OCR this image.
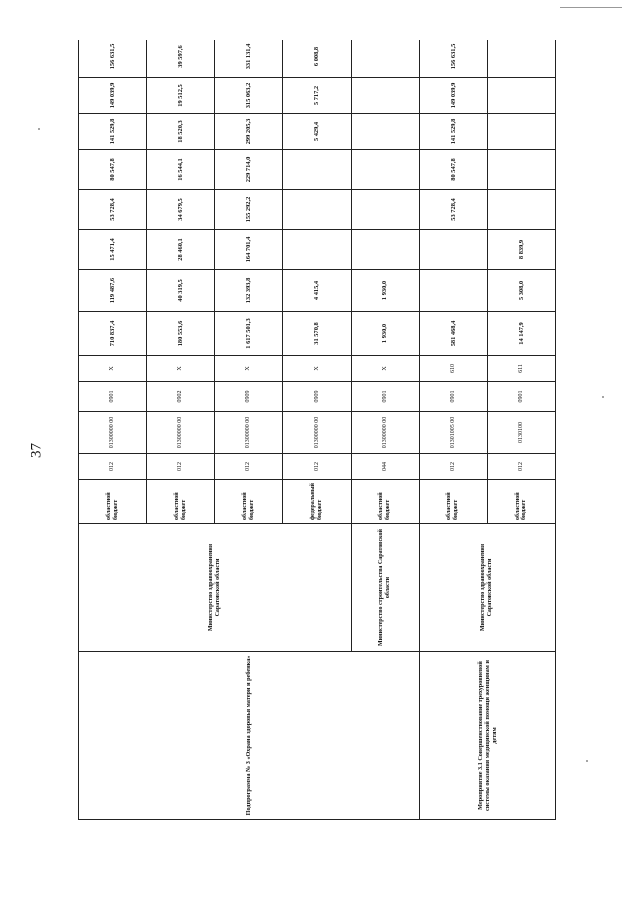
37
Подпрограмма № 3 «Охрана здоровья матери и ребенка»	Министерство здравоохранения Саратовской области	областной бюджет	012	01300000 00	0901	X	710 837,4	119 487,6	15 471,4	53 728,4	80 547,8	141 529,8	149 039,9	156 631,5
		областной бюджет	012	01300000 00	0902	X	180 553,6	40 319,5	28 460,1	34 679,5	16 544,1	18 520,3	19 512,5	39 597,6
		областной бюджет	012	01300000 00	0909	X	1 617 501,3	132 393,8	164 701,4	155 292,2	229 714,0	299 205,3	315 063,2	331 131,4
		федеральный бюджет	012	01300000 00	0909	X	31 570,8	4 415,4				5 429,4	5 717,2	6 008,8
	Министерство строительства Саратовской области	областной бюджет	044	01300000 00	0901	X	1 930,0	1 930,0						
Мероприятие 3.1 Совершенствование трехуровневой системы оказания медицинской помощи женщинам и детям	Министерство здравоохранения Саратовской области	областной бюджет	012	01301005 00	0901	610	581 468,4			53 728,4	80 547,8	141 529,8	149 039,9	156 631,5
		областной бюджет	012	0130100	0901	611	14 147,9	5 308,0	8 839,9					
